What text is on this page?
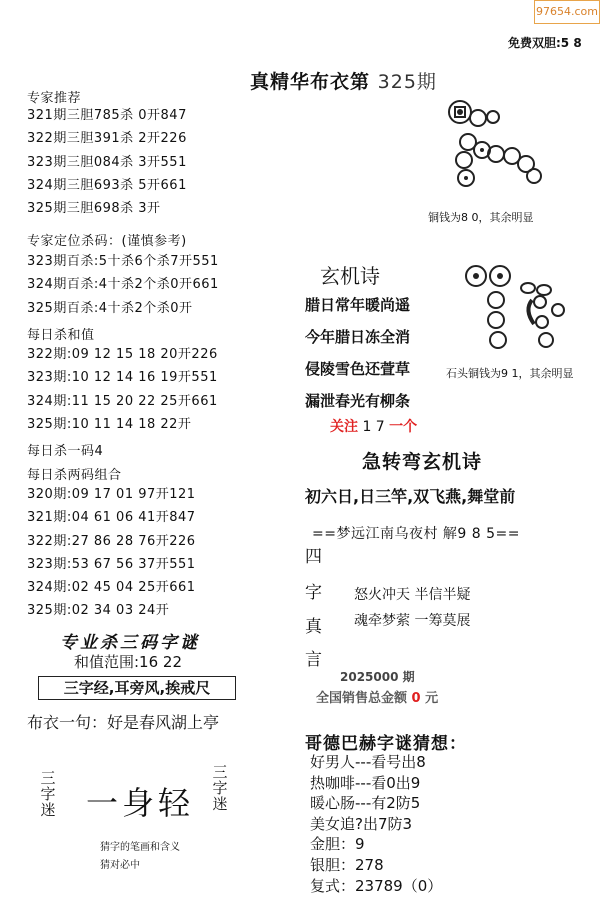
97654.com
免费双胆:5 8
真精华布衣第 325期
专家推荐
321期三胆785杀 0开847
322期三胆391杀 2开226
323期三胆084杀 3开551
324期三胆693杀 5开661
325期三胆698杀 3开
专家定位杀码：(谨慎参考)
323期百杀:5十杀6个杀7开551
324期百杀:4十杀2个杀0开661
325期百杀:4十杀2个杀0开
每日杀和值
322期:09 12 15 18 20开226
323期:10 12 14 16 19开551
324期:11 15 20 22 25开661
325期:10 11 14 18 22开
每日杀一码4
每日杀两码组合
320期:09 17 01 97开121
321期:04 61 06 41开847
322期:27 86 28 76开226
323期:53 67 56 37开551
324期:02 45 04 25开661
325期:02 34 03 24开
专业杀三码字谜
和值范围:16 22
三字经,耳旁风,挨戒尺
布衣一句：好是春风湖上亭
三字迷 一身轻
三字迷
猜字的笔画和含义
猜对必中
铜钱为8 0，其余明显
石头铜钱为9 1，其余明显
玄机诗
腊日常年暖尚遥
今年腊日冻全消
侵陵雪色还萱草
漏泄春光有柳条
关注 1 7 一个
急转弯玄机诗
初六日,日三竿,双飞燕,舞堂前
==梦远江南乌夜村 解9 8 5==
四
字
真
言
怒火冲天 半信半疑
魂牵梦萦 一筹莫展
2025000 期
全国销售总金额 0 元
哥德巴赫字谜猜想：
好男人---看号出8
热咖啡---看0出9
暖心肠---有2防5
美女追?出7防3
金胆：9
银胆：278
复式：23789（0）
